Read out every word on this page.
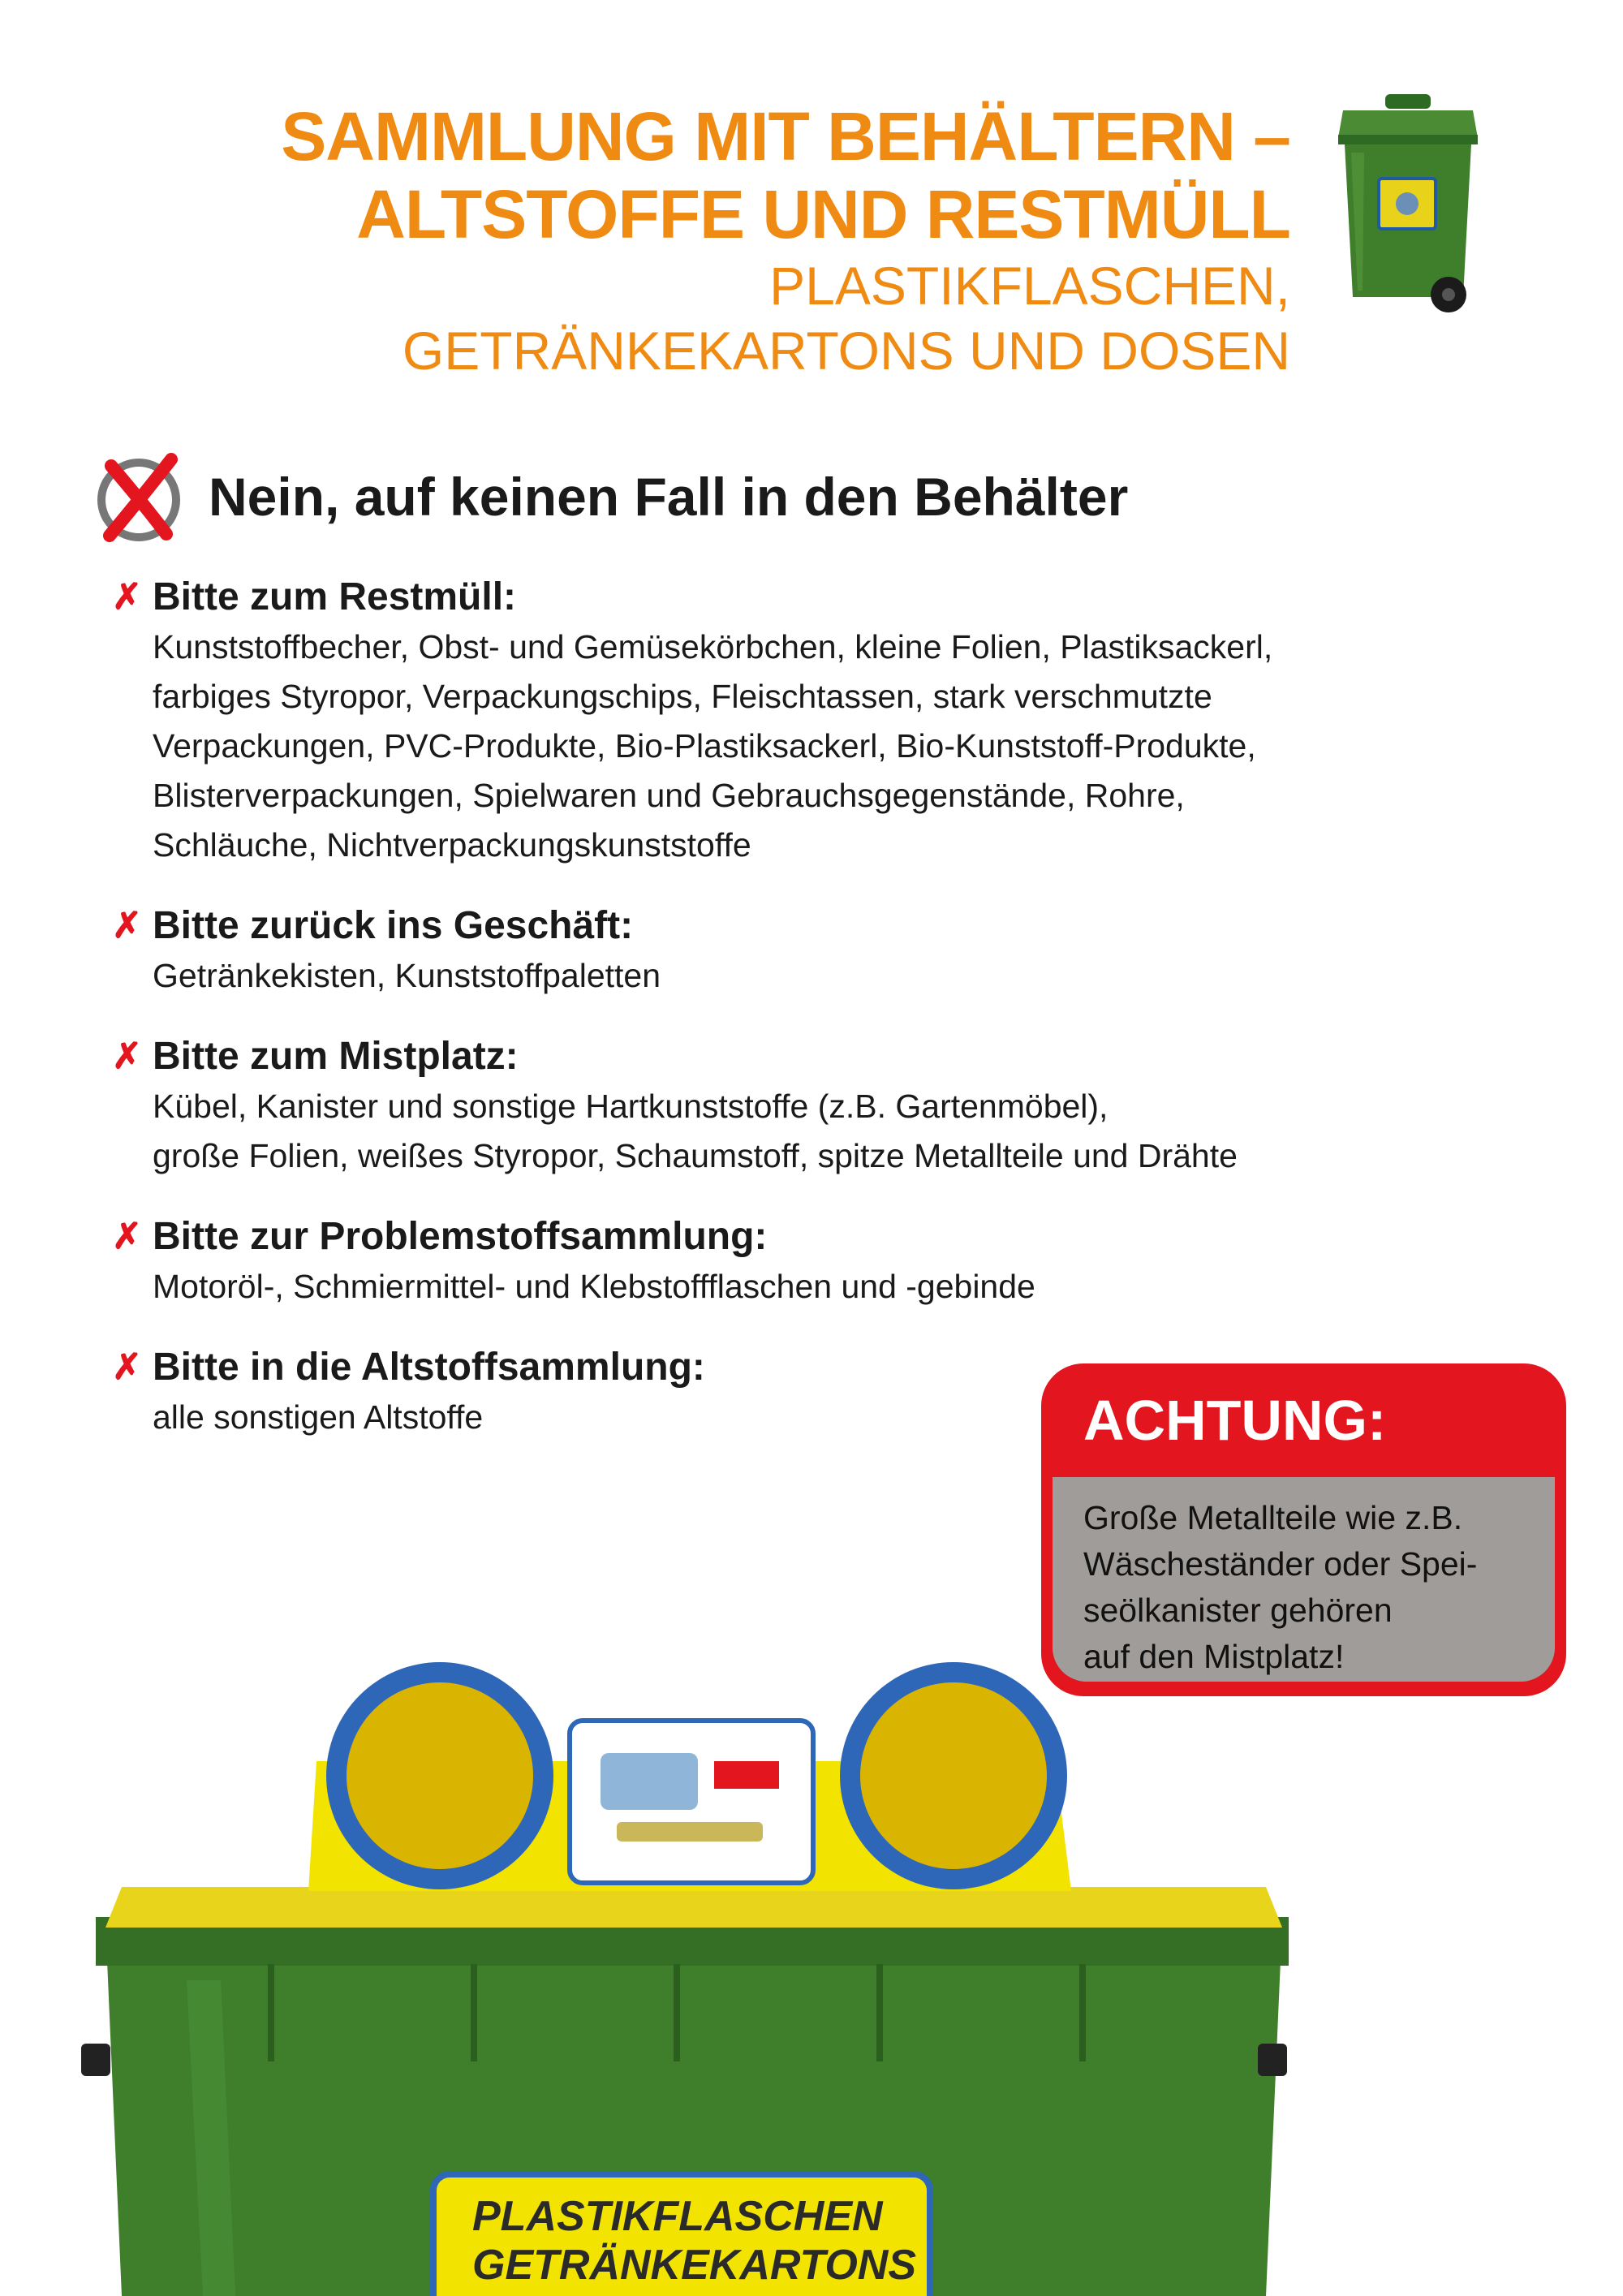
SAMMLUNG MIT BEHÄLTERN –
ALTSTOFFE UND RESTMÜLL
PLASTIKFLASCHEN,
GETRÄNKEKARTONS UND DOSEN
Nein, auf keinen Fall in den Behälter
✗ Bitte zum Restmüll:
Kunststoffbecher, Obst- und Gemüsekörbchen, kleine Folien, Plastiksackerl,
farbiges Styropor, Verpackungschips, Fleischtassen, stark verschmutzte
Verpackungen, PVC-Produkte, Bio-Plastiksackerl, Bio-Kunststoff-Produkte,
Blisterverpackungen, Spielwaren und Gebrauchsgegenstände, Rohre,
Schläuche, Nichtverpackungskunststoffe
✗ Bitte zurück ins Geschäft:
Getränkekisten, Kunststoffpaletten
✗ Bitte zum Mistplatz:
Kübel, Kanister und sonstige Hartkunststoffe (z.B. Gartenmöbel),
große Folien, weißes Styropor, Schaumstoff, spitze Metallteile und Drähte
✗ Bitte zur Problemstoffsammlung:
Motoröl-, Schmiermittel- und Klebstoffflaschen und -gebinde
✗ Bitte in die Altstoffsammlung:
alle sonstigen Altstoffe	ACHTUNG:
Große Metallteile wie z.B.
Wäscheständer oder Spei-
seölkanister gehören
auf den Mistplatz!
PLASTIKFLASCHEN
GETRÄNKEKARTONS
